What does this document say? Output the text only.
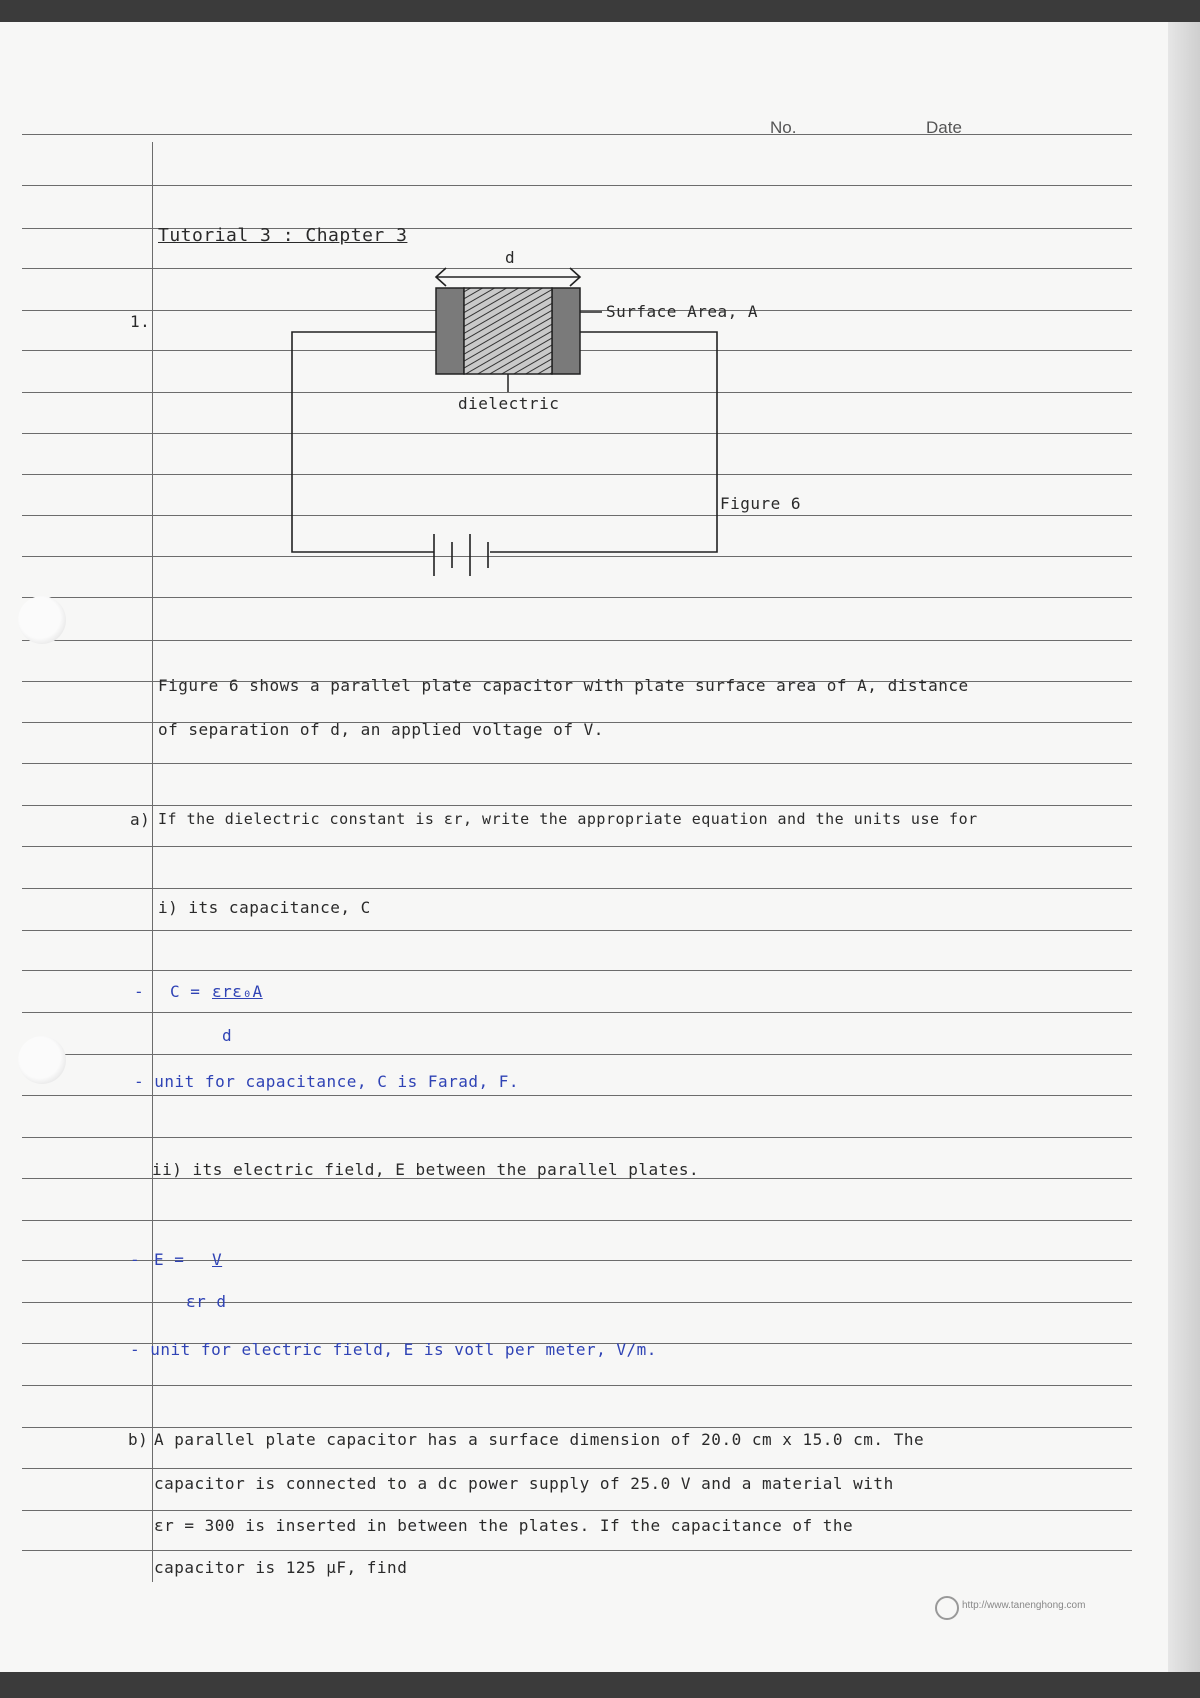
No.	Date
Tutorial 3 : Chapter 3
1.
d
Surface Area, A
dielectric
Figure 6
Figure 6 shows a parallel plate capacitor with plate surface area of A, distance
of separation of d, an applied voltage of V.
a) If the dielectric constant is εr, write the appropriate equation and the units use for
i) its capacitance, C
- C = εrε₀A
d
- unit for capacitance, C is Farad, F.
ii) its electric field, E between the parallel plates.
- E = V
εr d
- unit for electric field, E is votl per meter, V/m.
b) A parallel plate capacitor has a surface dimension of 20.0 cm x 15.0 cm. The
capacitor is connected to a dc power supply of 25.0 V and a material with
εr = 300 is inserted in between the plates. If the capacitance of the
capacitor is 125 μF, find
http://www.tanenghong.com
